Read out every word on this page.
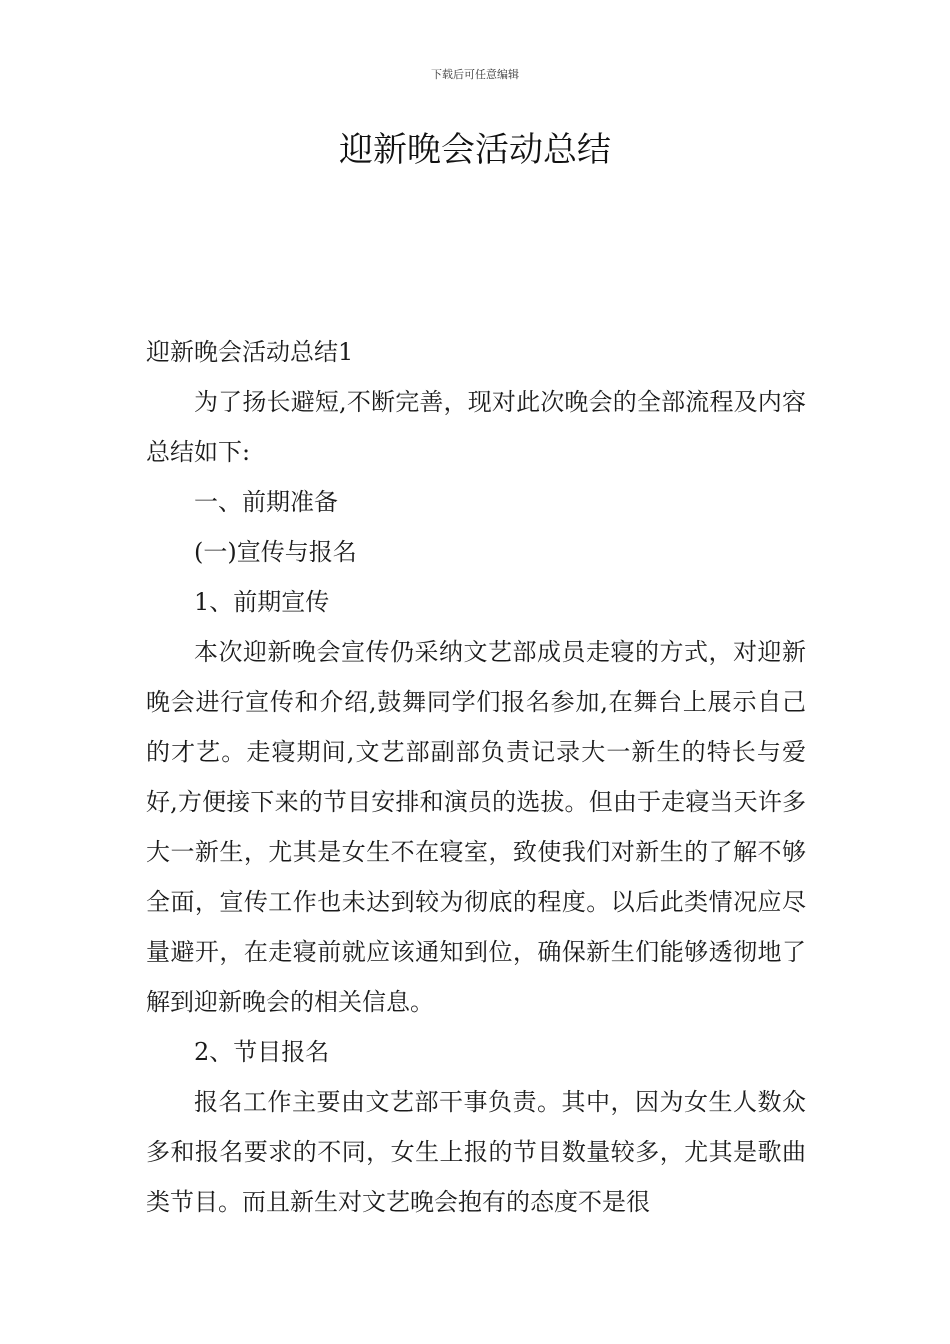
下载后可任意编辑
迎新晚会活动总结

迎新晚会活动总结1

为了扬长避短,不断完善，现对此次晚会的全部流程及内容总结如下:

一、前期准备

(一)宣传与报名

1、前期宣传

本次迎新晚会宣传仍采纳文艺部成员走寝的方式，对迎新晚会进行宣传和介绍,鼓舞同学们报名参加,在舞台上展示自己的才艺。走寝期间,文艺部副部负责记录大一新生的特长与爱好,方便接下来的节目安排和演员的选拔。但由于走寝当天许多大一新生，尤其是女生不在寝室，致使我们对新生的了解不够全面，宣传工作也未达到较为彻底的程度。以后此类情况应尽量避开，在走寝前就应该通知到位，确保新生们能够透彻地了解到迎新晚会的相关信息。

2、节目报名

报名工作主要由文艺部干事负责。其中，因为女生人数众多和报名要求的不同，女生上报的节目数量较多，尤其是歌曲类节目。而且新生对文艺晚会抱有的态度不是很
